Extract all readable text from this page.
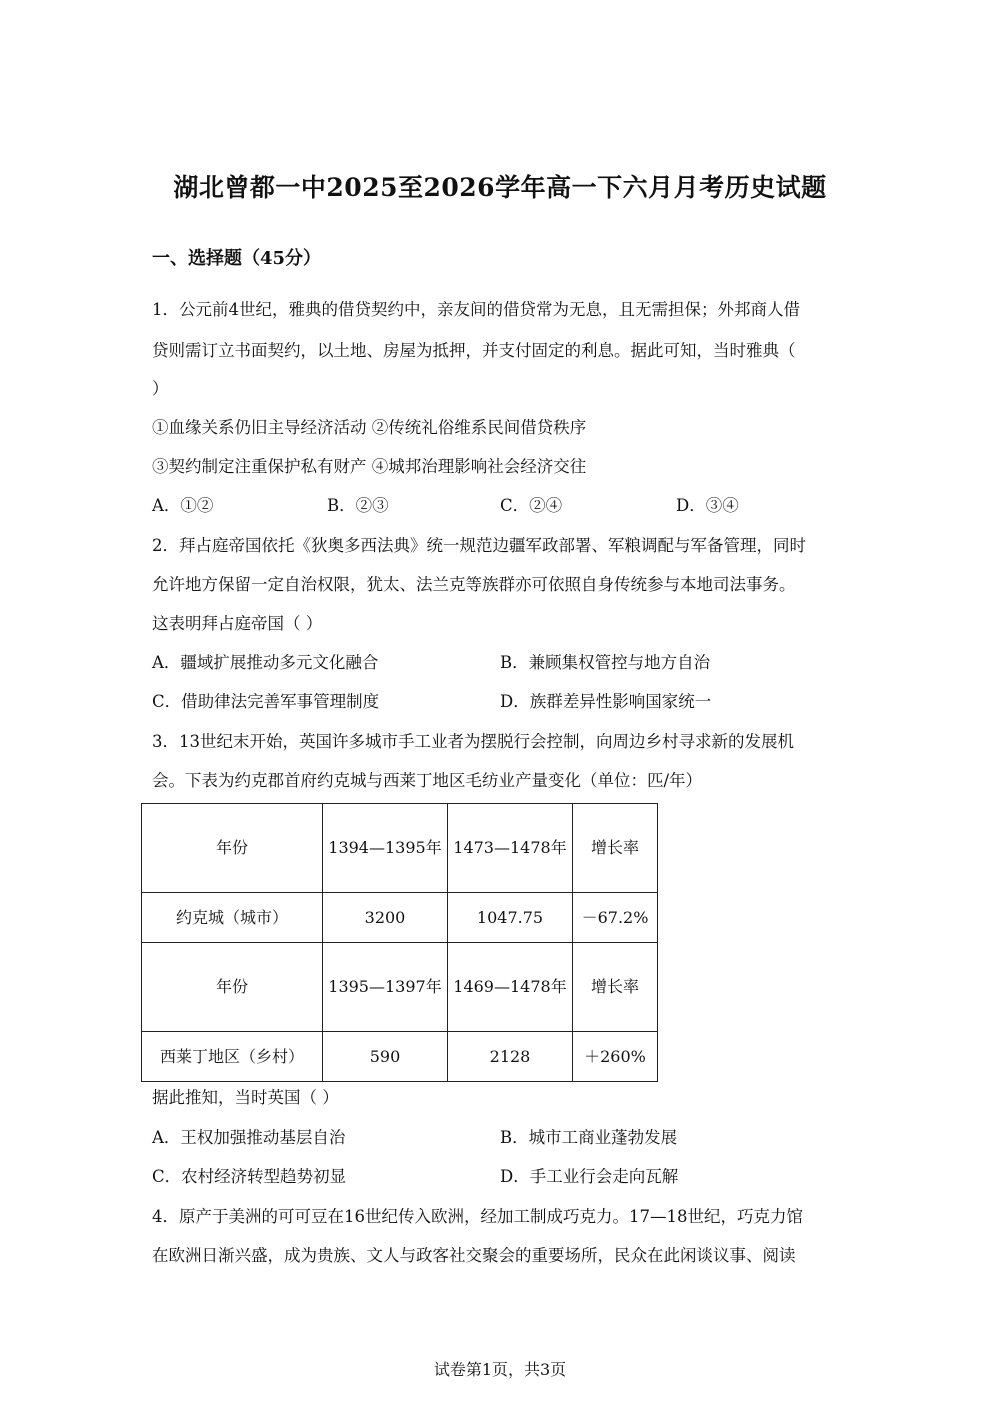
湖北曾都一中2025至2026学年高一下六月月考历史试题
一、选择题（45分）
1．公元前4世纪，雅典的借贷契约中，亲友间的借贷常为无息，且无需担保；外邦商人借
贷则需订立书面契约，以土地、房屋为抵押，并支付固定的利息。据此可知，当时雅典（
）
①血缘关系仍旧主导经济活动 ②传统礼俗维系民间借贷秩序
③契约制定注重保护私有财产 ④城邦治理影响社会经济交往
A．①②	B．②③	C．②④	D．③④
2．拜占庭帝国依托《狄奥多西法典》统一规范边疆军政部署、军粮调配与军备管理，同时
允许地方保留一定自治权限，犹太、法兰克等族群亦可依照自身传统参与本地司法事务。
这表明拜占庭帝国（ ）
A．疆域扩展推动多元文化融合	B．兼顾集权管控与地方自治
C．借助律法完善军事管理制度	D．族群差异性影响国家统一
3．13世纪末开始，英国许多城市手工业者为摆脱行会控制，向周边乡村寻求新的发展机
会。下表为约克郡首府约克城与西莱丁地区毛纺业产量变化（单位：匹/年）
年份	1394—1395年	1473—1478年	增长率
约克城（城市）	3200	1047.75	－67.2%
年份	1395—1397年	1469—1478年	增长率
西莱丁地区（乡村）	590	2128	＋260%
据此推知，当时英国（ ）
A．王权加强推动基层自治	B．城市工商业蓬勃发展
C．农村经济转型趋势初显	D．手工业行会走向瓦解
4．原产于美洲的可可豆在16世纪传入欧洲，经加工制成巧克力。17—18世纪，巧克力馆
在欧洲日渐兴盛，成为贵族、文人与政客社交聚会的重要场所，民众在此闲谈议事、阅读
试卷第1页，共3页
